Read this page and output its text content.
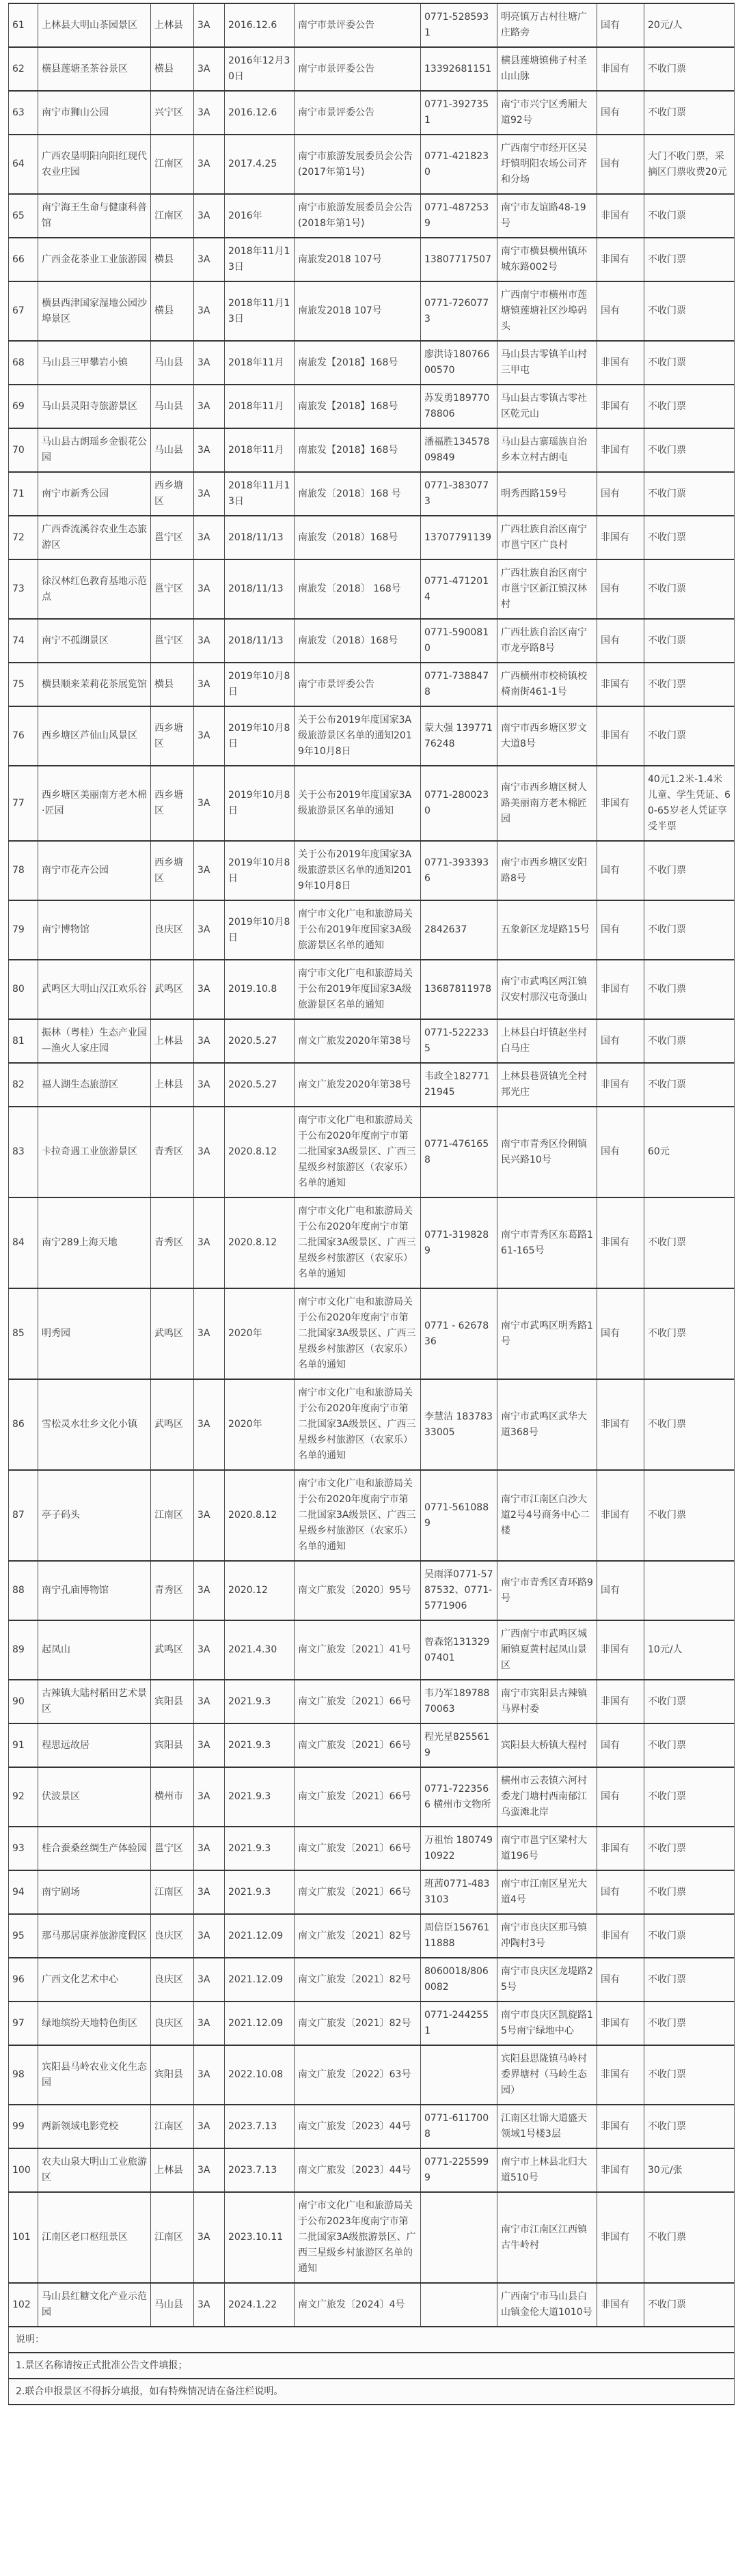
61	上林县大明山茶园景区	上林县	3A	2016.12.6	南宁市景评委公告	0771-5285931	明亮镇万古村往塘广庄路旁	国有	20元/人
62	横县莲塘圣茶谷景区	横县	3A	2016年12月30日	南宁市景评委公告	13392681151	横县莲塘镇佛子村圣山山脉	非国有	不收门票
63	南宁市狮山公园	兴宁区	3A	2016.12.6	南宁市景评委公告	0771-3927351	南宁市兴宁区秀厢大道92号	国有	不收门票
64	广西农垦明阳向阳红现代农业庄园	江南区	3A	2017.4.25	南宁市旅游发展委员会公告 (2017年第1号)	0771-4218230	广西南宁市经开区吴圩镇明阳农场公司齐和分场	国有	大门不收门票，采摘区门票收费20元
65	南宁海王生命与健康科普馆	江南区	3A	2016年	南宁市旅游发展委员会公告 (2018年第1号)	0771-4872539	南宁市友谊路48-19号	非国有	不收门票
66	广西金花茶业工业旅游园	横县	3A	2018年11月13日	南旅发2018 107号	13807717507	南宁市横县横州镇环城东路002号	非国有	不收门票
67	横县西津国家湿地公园沙埠景区	横县	3A	2018年11月13日	南旅发2018 107号	0771-7260773	广西南宁市横州市莲塘镇莲塘社区沙埠码头	国有	不收门票
68	马山县三甲攀岩小镇	马山县	3A	2018年11月	南旅发【2018】168号	廖洪诗18076600570	马山县古零镇羊山村三甲屯	非国有	不收门票
69	马山县灵阳寺旅游景区	马山县	3A	2018年11月	南旅发【2018】168号	苏发勇18977078806	马山县古零镇古零社区乾元山	非国有	不收门票
70	马山县古朗瑶乡金银花公园	马山县	3A	2018年11月	南旅发【2018】168号	潘福胜13457809849	马山县古寨瑶族自治乡本立村古朗屯	非国有	不收门票
71	南宁市新秀公园	西乡塘区	3A	2018年11月13日	南旅发〔2018〕168 号	0771-3830773	明秀西路159号	国有	不收门票
72	广西香流溪谷农业生态旅游区	邕宁区	3A	2018/11/13	南旅发（2018）168号	13707791139	广西壮族自治区南宁市邕宁区广良村	非国有	不收门票
73	徐汉林红色教育基地示范点	邕宁区	3A	2018/11/13	南旅发〔2018〕 168号	0771-4712014	广西壮族自治区南宁市邕宁区新江镇汉林村	国有	不收门票
74	南宁不孤湖景区	邕宁区	3A	2018/11/13	南旅发（2018）168号	0771-5900810	广西壮族自治区南宁市龙亭路8号	国有	不收门票
75	横县顺来茉莉花茶展览馆	横县	3A	2019年10月8日	南宁市景评委公告	0771-7388478	广西横州市校椅镇校椅南街461-1号	非国有	不收门票
76	西乡塘区芦仙山风景区	西乡塘区	3A	2019年10月8日	关于公布2019年度国家3A级旅游景区名单的通知2019年10月8日	蒙大强 13977176248	南宁市西乡塘区罗文大道8号	非国有	不收门票
77	西乡塘区美丽南方老木棉·匠园	西乡塘区	3A	2019年10月8日	关于公布2019年度国家3A级旅游景区名单的通知	0771-2800230	南宁市西乡塘区树人路美丽南方老木棉匠园	非国有	40元1.2米-1.4米儿童、学生凭证、60-65岁老人凭证享受半票
78	南宁市花卉公园	西乡塘区	3A	2019年10月8日	关于公布2019年度国家3A级旅游景区名单的通知2019年10月8日	0771-3933936	南宁市西乡塘区安阳路8号	国有	不收门票
79	南宁博物馆	良庆区	3A	2019年10月8日	南宁市文化广电和旅游局关于公布2019年度国家3A级旅游景区名单的通知	2842637	五象新区龙堤路15号	国有	不收门票
80	武鸣区大明山汉江欢乐谷	武鸣区	3A	2019.10.8	南宁市文化广电和旅游局关于公布2019年度国家3A级旅游景区名单的通知	13687811978	南宁市武鸣区两江镇汉安村那汉屯奇强山	非国有	不收门票
81	振林（粤桂）生态产业园—渔火人家庄园	上林县	3A	2020.5.27	南文广旅发2020年第38号	0771-5222335	上林县白圩镇赵坐村白马庄	国有	不收门票
82	福人湖生态旅游区	上林县	3A	2020.5.27	南文广旅发2020年第38号	韦政全18277121945	上林县巷贤镇光全村邦光庄	非国有	不收门票
83	卡拉奇遇工业旅游景区	青秀区	3A	2020.8.12	南宁市文化广电和旅游局关于公布2020年度南宁市第二批国家3A级景区、广西三星级乡村旅游区（农家乐）名单的通知	0771-4761658	南宁市青秀区伶俐镇民兴路10号	国有	60元
84	南宁289上海天地	青秀区	3A	2020.8.12	南宁市文化广电和旅游局关于公布2020年度南宁市第二批国家3A级景区、广西三星级乡村旅游区（农家乐）名单的通知	0771-3198289	南宁市青秀区东葛路161-165号	非国有	不收门票
85	明秀园	武鸣区	3A	2020年	南宁市文化广电和旅游局关于公布2020年度南宁市第二批国家3A级景区、广西三星级乡村旅游区（农家乐）名单的通知	0771 - 6267836	南宁市武鸣区明秀路1号	国有	不收门票
86	雪松灵水壮乡文化小镇	武鸣区	3A	2020年	南宁市文化广电和旅游局关于公布2020年度南宁市第二批国家3A级景区、广西三星级乡村旅游区（农家乐）名单的通知	李慧洁 18378333005	南宁市武鸣区武华大道368号	非国有	不收门票
87	亭子码头	江南区	3A	2020.8.12	南宁市文化广电和旅游局关于公布2020年度南宁市第二批国家3A级景区、广西三星级乡村旅游区（农家乐）名单的通知	0771-5610889	南宁市江南区白沙大道2号4号商务中心二楼	非国有	不收门票
88	南宁孔庙博物馆	青秀区	3A	2020.12	南文广旅发〔2020〕95号	吴雨泽0771-5787532、0771-5771906	南宁市青秀区青环路9号	国有	
89	起凤山	武鸣区	3A	2021.4.30	南文广旅发〔2021〕41号	曾森铭13132907401	广西南宁市武鸣区城厢镇夏黄村起凤山景区	非国有	10元/人
90	古辣镇大陆村稻田艺术景区	宾阳县	3A	2021.9.3	南文广旅发〔2021〕66号	韦乃军18978870063	南宁市宾阳县古辣镇马界村委	非国有	不收门票
91	程思远故居	宾阳县	3A	2021.9.3	南文广旅发〔2021〕66号	程光星8255619	宾阳县大桥镇大程村	国有	不收门票
92	伏波景区	横州市	3A	2021.9.3	南文广旅发〔2021〕66号	0771-7223566 横州市文物所	横州市云表镇六河村委龙门塘村西南郁江乌蛮滩北岸	国有	不收门票
93	桂合蚕桑丝绸生产体验园	邕宁区	3A	2021.9.3	南文广旅发〔2021〕66号	万祖怡 18074910922	南宁市邕宁区梁村大道196号	非国有	不收门票
94	南宁剧场	江南区	3A	2021.9.3	南文广旅发〔2021〕66号	班茜0771-4833103	南宁市江南区星光大道4号	国有	不收门票
95	那马那居康养旅游度假区	良庆区	3A	2021.12.09	南文广旅发〔2021〕82号	周信臣15676111888	南宁市良庆区那马镇冲陶村3号	非国有	不收门票
96	广西文化艺术中心	良庆区	3A	2021.12.09	南文广旅发〔2021〕82号	8060018/8060082	南宁市良庆区龙堤路25号	国有	不收门票
97	绿地缤纷天地特色街区	良庆区	3A	2021.12.09	南文广旅发〔2021〕82号	0771-2442551	南宁市良庆区凯旋路15号南宁绿地中心	非国有	不收门票
98	宾阳县马岭农业文化生态园	宾阳县	3A	2022.10.08	南文广旅发〔2022〕63号		宾阳县思陇镇马岭村委界塘村（马岭生态园）	非国有	不收门票
99	两新领域电影党校	江南区	3A	2023.7.13	南文广旅发〔2023〕44号	0771-6117008	江南区壮锦大道盛天领域1号楼3层	非国有	不收门票
100	农夫山泉大明山工业旅游区	上林县	3A	2023.7.13	南文广旅发〔2023〕44号	0771-225599 9	南宁市上林县北归大道510号	非国有	30元/张
101	江南区老口枢纽景区	江南区	3A	2023.10.11	南宁市文化广电和旅游局关于公布2023年度南宁市第二批国家3A级旅游景区、广西三星级乡村旅游区名单的通知		南宁市江南区江西镇古牛岭村	非国有	不收门票
102	马山县红糖文化产业示范园	马山县	3A	2024.1.22	南文广旅发〔2024〕4号		广西南宁市马山县白山镇金伦大道1010号	非国有	不收门票
说明：									
1.景区名称请按正式批准公告文件填报；									
2.联合申报景区不得拆分填报，如有特殊情况请在备注栏说明。									
